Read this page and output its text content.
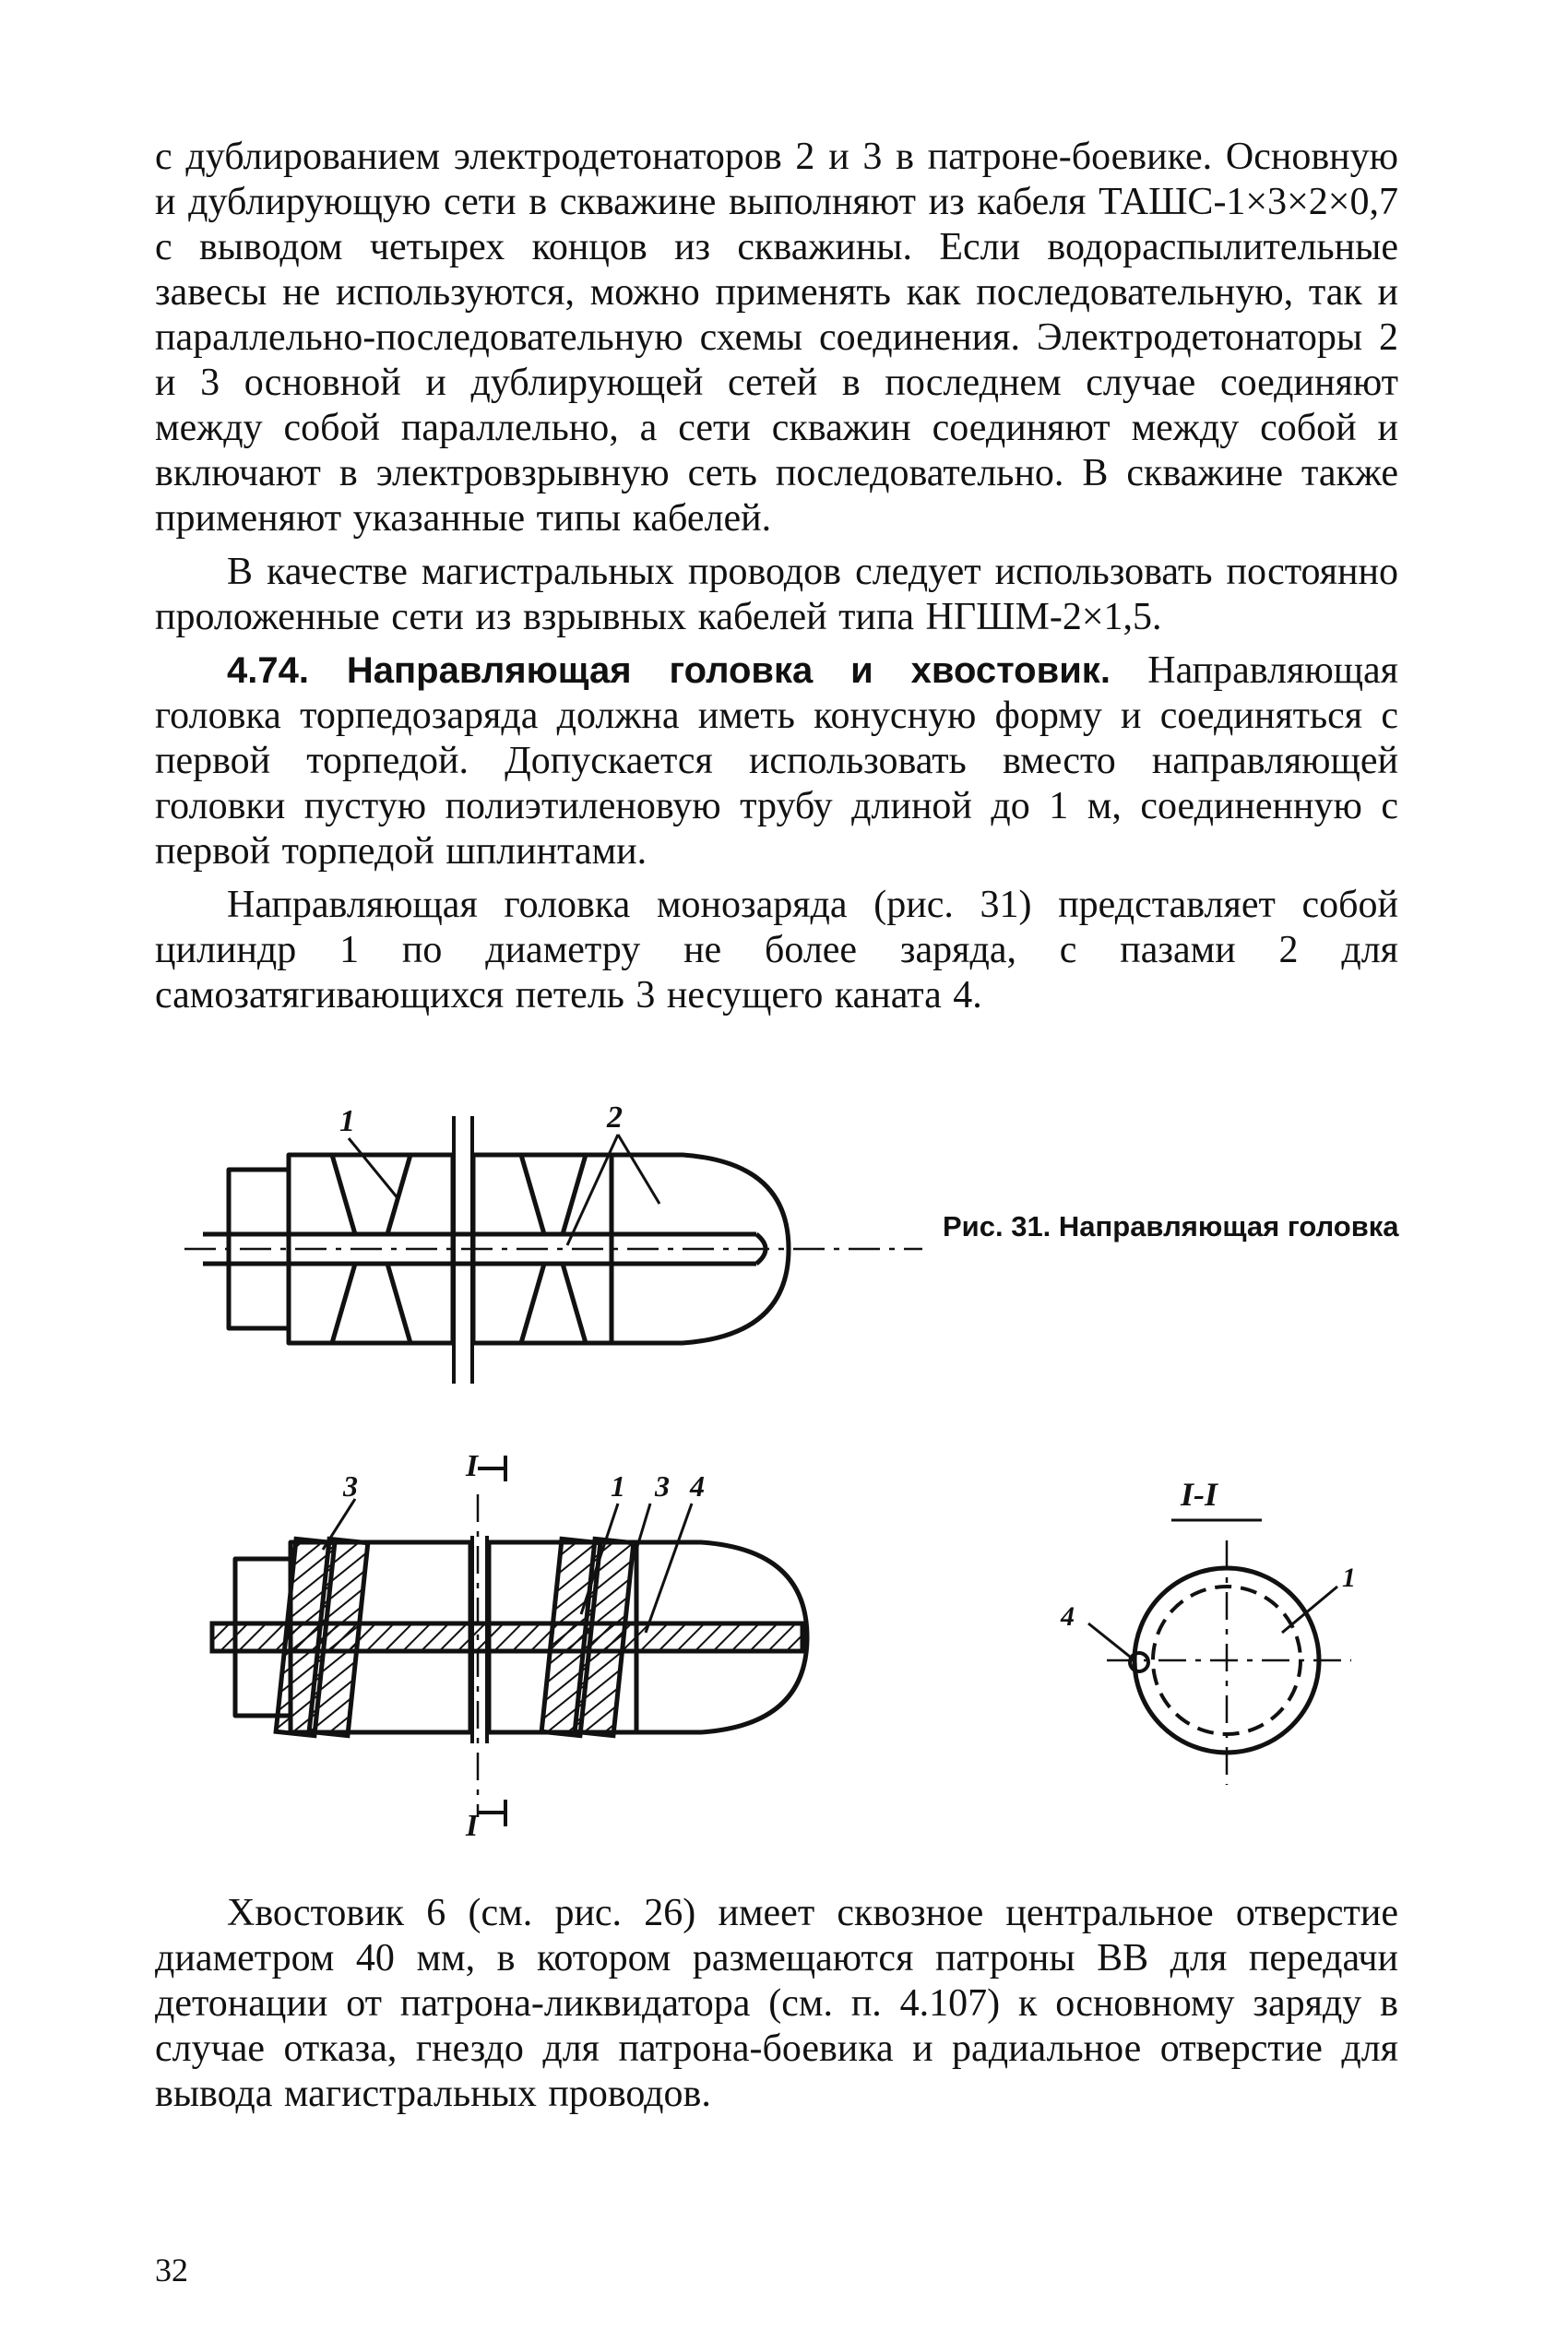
с дублированием электродетонаторов 2 и 3 в патроне-боевике. Основную и дублирующую сети в скважине выполняют из кабеля ТАШС-1×3×2×0,7 с выводом четырех концов из скважины. Если водораспылительные завесы не используются, можно применять как последовательную, так и параллельно-последовательную схемы соединения. Электродетонаторы 2 и 3 основной и дублирующей сетей в последнем случае соединяют между собой параллельно, а сети скважин соединяют между собой и включают в электровзрывную сеть последовательно. В скважине также применяют указанные типы кабелей.

В качестве магистральных проводов следует использовать постоянно проложенные сети из взрывных кабелей типа НГШМ-2×1,5.

4.74. Направляющая головка и хвостовик. Направляющая головка торпедозаряда должна иметь конусную форму и соединяться с первой торпедой. Допускается использовать вместо направляющей головки пустую полиэтиленовую трубу длиной до 1 м, соединенную с первой торпедой шплинтами.

Направляющая головка монозаряда (рис. 31) представляет собой цилиндр 1 по диаметру не более заряда, с пазами 2 для самозатягивающихся петель 3 несущего каната 4.

1	2
Рис. 31. Направляющая головка
I
I
3	1 3 4	I-I
4
1

Хвостовик 6 (см. рис. 26) имеет сквозное центральное отверстие диаметром 40 мм, в котором размещаются патроны ВВ для передачи детонации от патрона-ликвидатора (см. п. 4.107) к основному заряду в случае отказа, гнездо для патрона-боевика и радиальное отверстие для вывода магистральных проводов.

32
